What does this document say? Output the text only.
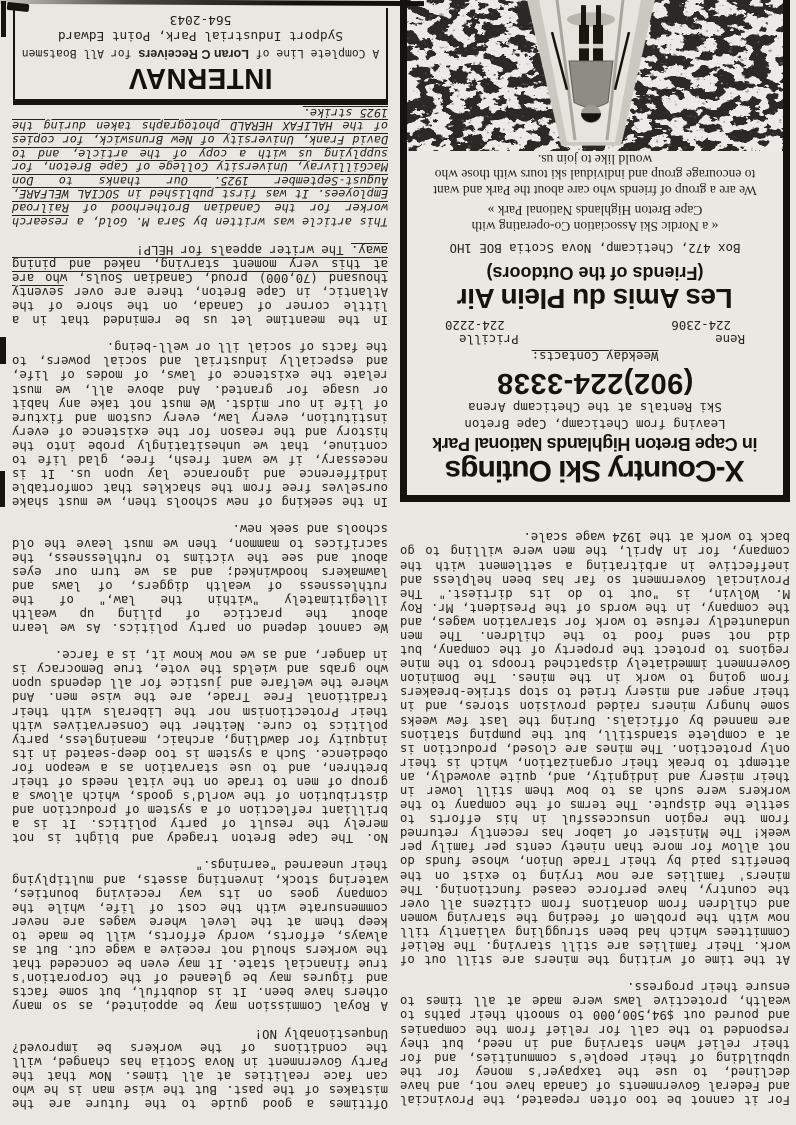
For it cannot be too often repeated, the Provincial and Federal Governments of Canada have not, and have declined, to use the taxpayer's money for the upbuilding of their people's communities, and for their relief when starving and in need, but they responded to the call for relief from the companies and poured out $94,500,000 to smooth their paths to wealth, protective laws were made at all times to ensure their progress.

At the time of writing the miners are still out of work. Their families are still starving. The Relief Committees which had been struggling valiantly till now with the problem of feeding the starving women and children from donations from citizens all over the country, have perforce ceased functioning. The miners' families are now trying to exist on the benefits paid by their Trade Union, whose funds do not allow for more than ninety cents per family per week! The Minister of Labor has recently returned from the region unsuccessful in his efforts to settle the dispute. The terms of the company to the workers were such as to bow them still lower in their misery and indignity, and, quite avowedly, an attempt to break their organization, which is their only protection. The mines are closed, production is at a complete standstill, but the pumping stations are manned by officials. During the last few weeks some hungry miners raided provision stores, and in their anger and misery tried to stop strike-breakers from going to work in the mines. The Dominion Government immediately dispatched troops to the mine regions to protect the property of the company, but did not send food to the children. The men undauntedly refuse to work for starvation wages, and the company, in the words of the President, Mr. Roy M. Wolvin, is "out to do its dirtiest." The Provincial Government so far has been helpless and ineffective in arbitrating a settlement with the company, for in April, the men were willing to go back to work at the 1924 wage scale.

X-Country Ski Outings
in Cape Breton Highlands National Park
Leaving from Cheticamp, Cape Breton
Ski Rentals at the Cheticamp Arena
(902)224-3338
Weekday Contacts:
Rene
224-2306
Pricille
224-2220
Les Amis du Plein Air
(Friends of the Outdoors)
Box 472, Cheticamp, Nova Scotia BOE 1HO
« a Nordic Ski Association Co-operating with Cape Breton Highlands National Park »
We are a group of friends who care about the Park and want to encourage group and individual ski tours with those who would like to join us.

Ofttimes a good guide to the future are the mistakes of the past. But the wise man is he who can face realities at all times. Now that the Party Government in Nova Scotia has changed, will the conditions of the workers be improved? Unquestionably NO!

A Royal Commission may be appointed, as so many others have been. It is doubtful, but some facts and figures may be gleaned of the Corporation's true financial state. It may even be conceded that the workers should not receive a wage cut. But as always, efforts, wordy efforts, will be made to keep them at the level where wages are never commensurate with the cost of life, while the company goes on its way receiving bounties, watering stock, inventing assets, and multiplying their unearned "earnings."

No. The Cape Breton tragedy and blight is not merely the result of party politics. It is a brilliant reflection of a system of production and distribution of the world's goods, which allows a group of men to trade on the vital needs of their brethren, and to use starvation as a weapon for obedience. Such a system is too deep-seated in its iniquity for dawdling, archaic, meaningless, party politics to cure. Neither the Conservatives with their Protectionism nor the Liberals with their traditional Free Trade, are the wise men. And where the welfare and justice for all depends upon who grabs and wields the vote, true Democracy is in danger, and as we now know it, is a farce.

We cannot depend on party politics. As we learn about the practice of piling up wealth illegitimately "within the law," of the ruthlessness of wealth diggers, of laws and lawmakers hoodwinked; and as we turn our eyes about and see the victims to ruthlessness, the sacrifices to mammon, then we must leave the old schools and seek new.

In the seeking of new schools then, we must shake ourselves free from the shackles that comfortable indifference and ignorance lay upon us. It is necessary, if we want fresh, free, glad life to continue, that we unhesitatingly probe into the history and the reason for the existence of every institution, every law, every custom and fixture of life in our midst. We must not take any habit or usage for granted. And above all, we must relate the existence of laws, of modes of life, and especially industrial and social powers, to the facts of social ill or well-being.

In the meantime let us be reminded that in a little corner of Canada, on the shore of the Atlantic, in Cape Breton, there are over seventy thousand (70,000) proud, Canadian Souls, who are at this very moment starving, naked and pining away. The writer appeals for HELP!

This article was written by Sara M. Gold, a research worker for the Canadian Brotherhood of Railroad Employees. It was first published in SOCIAL WELFARE, August-September 1925. Our thanks to Don MacGillivray, University College of Cape Breton, for supplying us with a copy of the article, and to David Frank, University of New Brunswick, for copies of the HALIFAX HERALD photographs taken during the 1925 strike.

INTERNAV
A Complete Line of Loran C Receivers for All Boatsmen
Sydport Industrial Park, Point Edward
564-2043
